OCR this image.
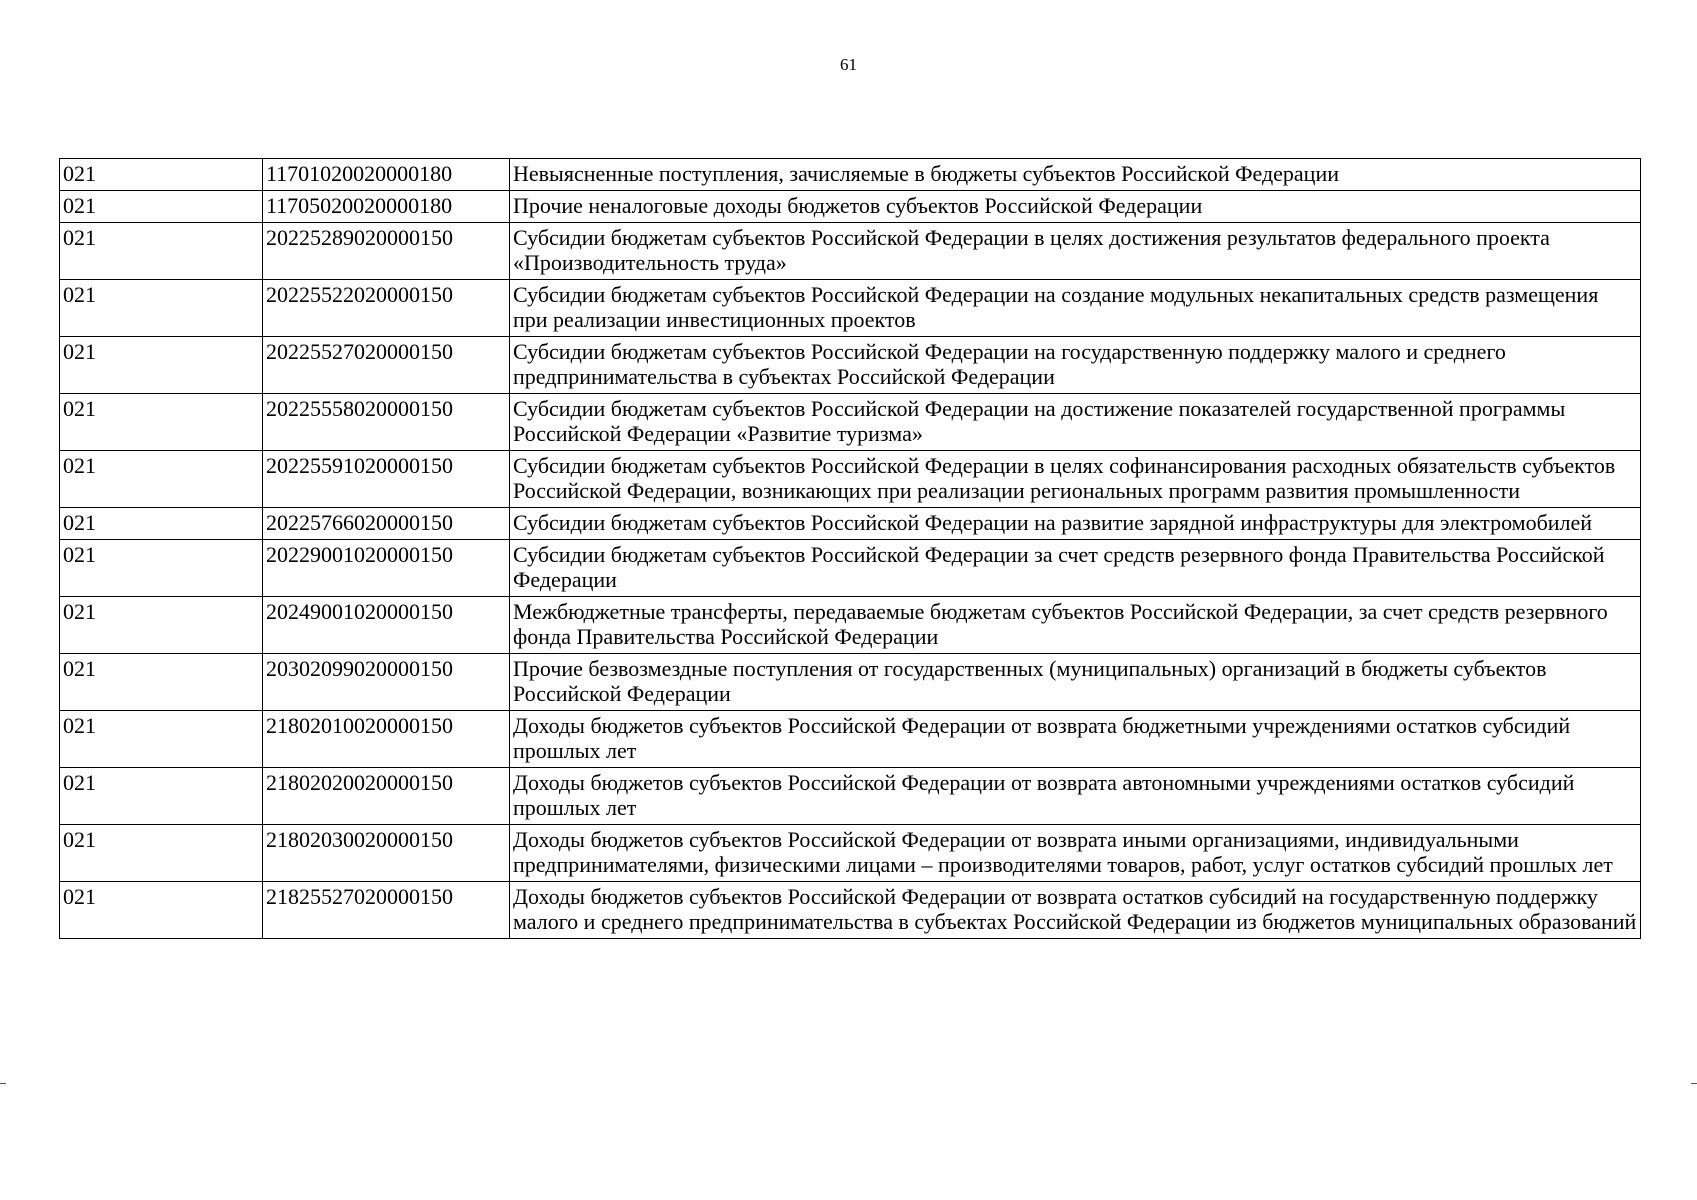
61
021	11701020020000180	Невыясненные поступления, зачисляемые в бюджеты субъектов Российской Федерации
021	11705020020000180	Прочие неналоговые доходы бюджетов субъектов Российской Федерации
021	20225289020000150	Субсидии бюджетам субъектов Российской Федерации в целях достижения результатов федерального проекта «Производительность труда»
021	20225522020000150	Субсидии бюджетам субъектов Российской Федерации на создание модульных некапитальных средств размещения при реализации инвестиционных проектов
021	20225527020000150	Субсидии бюджетам субъектов Российской Федерации на государственную поддержку малого и среднего предпринимательства в субъектах Российской Федерации
021	20225558020000150	Субсидии бюджетам субъектов Российской Федерации на достижение показателей государственной программы Российской Федерации «Развитие туризма»
021	20225591020000150	Субсидии бюджетам субъектов Российской Федерации в целях софинансирования расходных обязательств субъектов Российской Федерации, возникающих при реализации региональных программ развития промышленности
021	20225766020000150	Субсидии бюджетам субъектов Российской Федерации на развитие зарядной инфраструктуры для электромобилей
021	20229001020000150	Субсидии бюджетам субъектов Российской Федерации за счет средств резервного фонда Правительства Российской Федерации
021	20249001020000150	Межбюджетные трансферты, передаваемые бюджетам субъектов Российской Федерации, за счет средств резервного фонда Правительства Российской Федерации
021	20302099020000150	Прочие безвозмездные поступления от государственных (муниципальных) организаций в бюджеты субъектов Российской Федерации
021	21802010020000150	Доходы бюджетов субъектов Российской Федерации от возврата бюджетными учреждениями остатков субсидий прошлых лет
021	21802020020000150	Доходы бюджетов субъектов Российской Федерации от возврата автономными учреждениями остатков субсидий прошлых лет
021	21802030020000150	Доходы бюджетов субъектов Российской Федерации от возврата иными организациями, индивидуальными предпринимателями, физическими лицами – производителями товаров, работ, услуг остатков субсидий прошлых лет
021	21825527020000150	Доходы бюджетов субъектов Российской Федерации от возврата остатков субсидий на государственную поддержку малого и среднего предпринимательства в субъектах Российской Федерации из бюджетов муниципальных образований
